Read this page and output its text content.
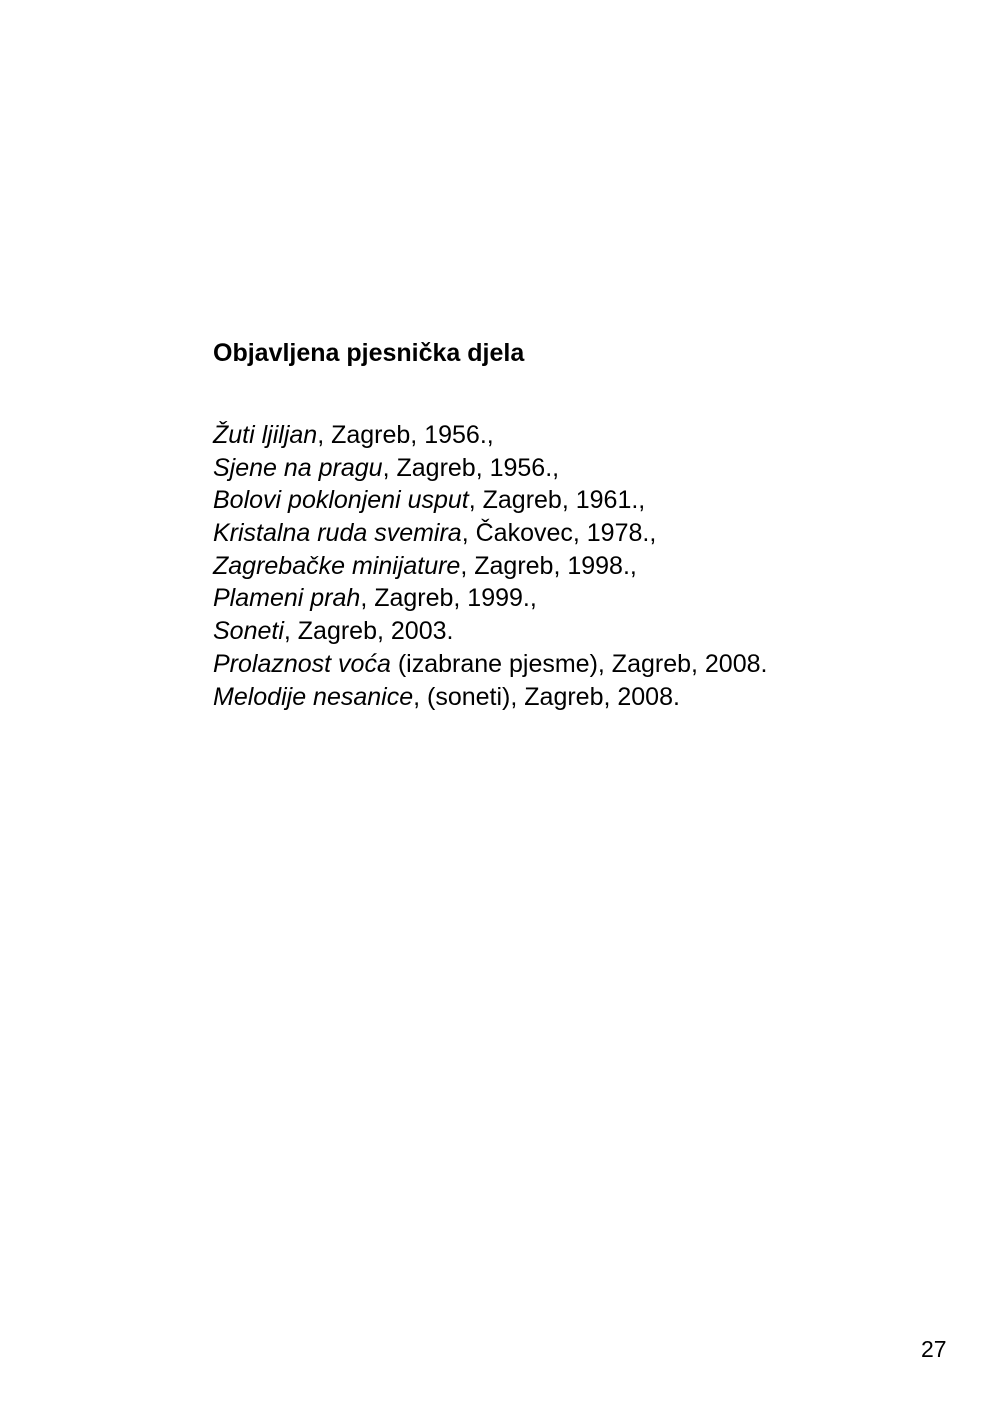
Objavljena pjesnička djela
Žuti ljiljan, Zagreb, 1956.,
Sjene na pragu, Zagreb, 1956.,
Bolovi poklonjeni usput, Zagreb, 1961.,
Kristalna ruda svemira, Čakovec, 1978.,
Zagrebačke minijature, Zagreb, 1998.,
Plameni prah, Zagreb, 1999.,
Soneti, Zagreb, 2003.
Prolaznost voća (izabrane pjesme), Zagreb, 2008.
Melodije nesanice, (soneti), Zagreb, 2008.
27
